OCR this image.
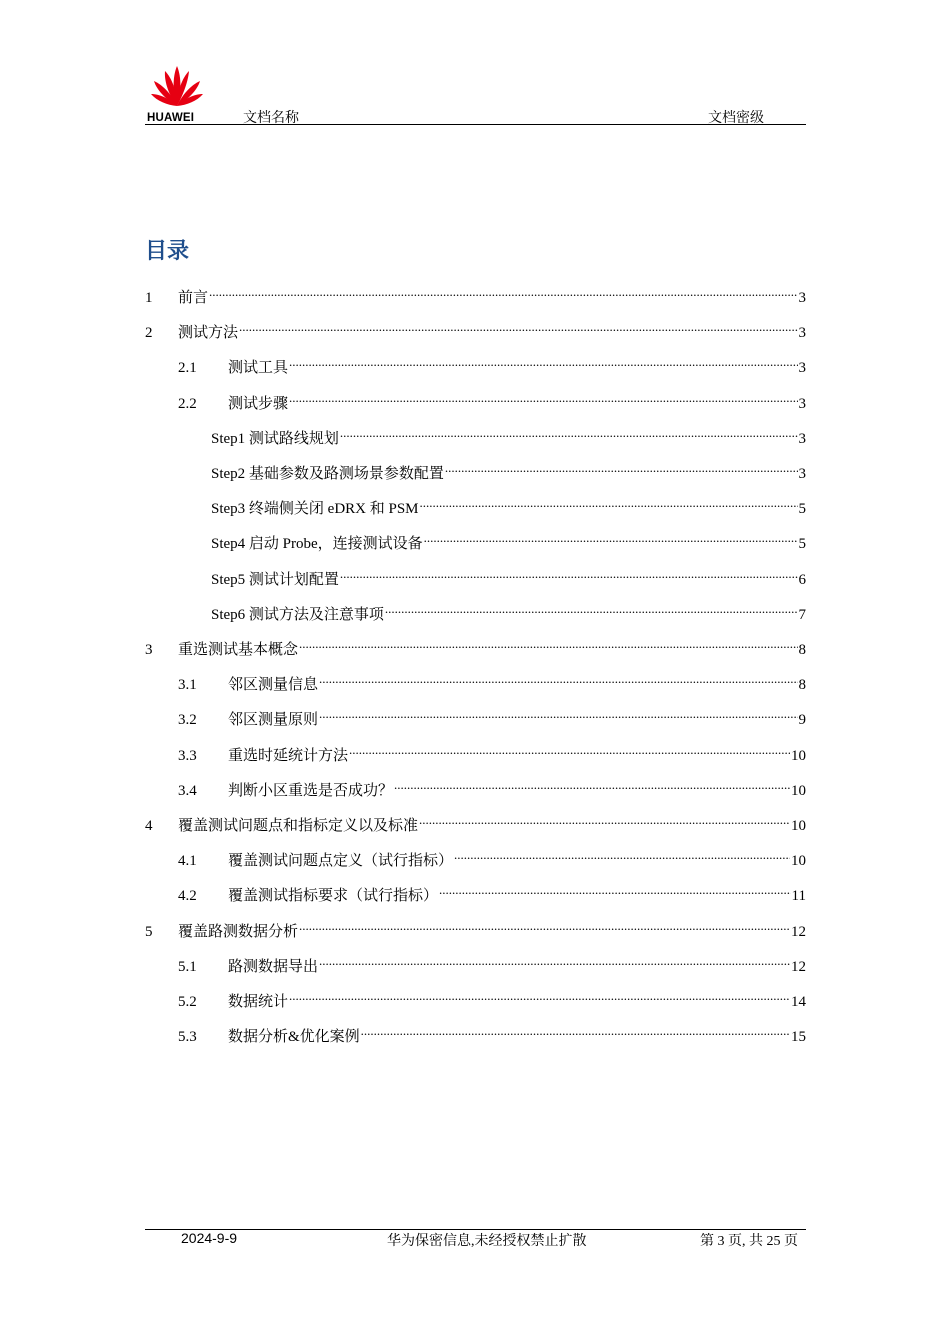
HUAWEI	文档名称	文档密级
目录
1	前言 .....	3
2	测试方法 .....	3
2.1	测试工具 .....	3
2.2	测试步骤 .....	3
Step1 测试路线规划 .....	3
Step2 基础参数及路测场景参数配置 .....	3
Step3 终端侧关闭 eDRX 和 PSM .....	5
Step4 启动 Probe，连接测试设备 .....	5
Step5 测试计划配置 .....	6
Step6 测试方法及注意事项 .....	7
3	重选测试基本概念 .....	8
3.1	邻区测量信息 .....	8
3.2	邻区测量原则 .....	9
3.3	重选时延统计方法 .....	10
3.4	判断小区重选是否成功？ .....	10
4	覆盖测试问题点和指标定义以及标准 .....	10
4.1	覆盖测试问题点定义（试行指标） .....	10
4.2	覆盖测试指标要求（试行指标） .....	11
5	覆盖路测数据分析 .....	12
5.1	路测数据导出 .....	12
5.2	数据统计 .....	14
5.3	数据分析&优化案例 .....	15
2024-9-9	华为保密信息,未经授权禁止扩散	第 3 页, 共 25 页
